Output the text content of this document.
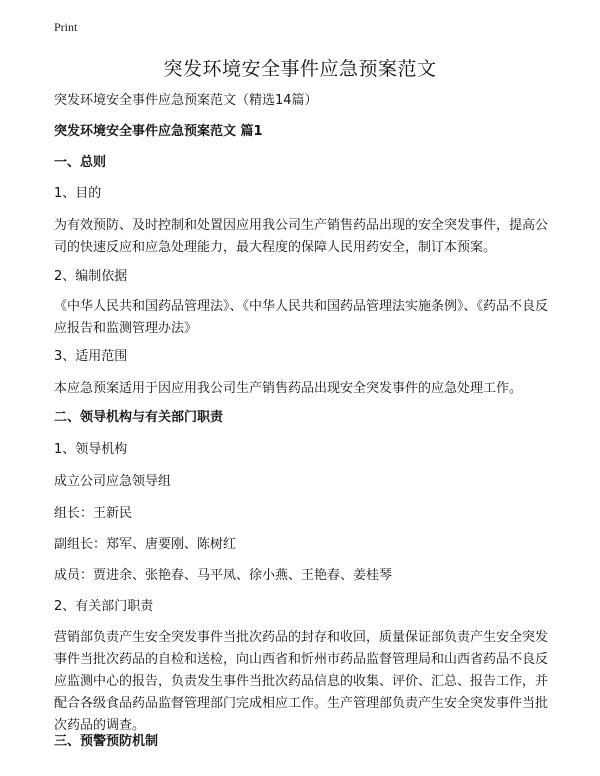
Print
突发环境安全事件应急预案范文

突发环境安全事件应急预案范文（精选14篇）

突发环境安全事件应急预案范文 篇1

一、总则

1、目的

为有效预防、及时控制和处置因应用我公司生产销售药品出现的安全突发事件，提高公司的快速反应和应急处理能力，最大程度的保障人民用药安全，制订本预案。

2、编制依据

《中华人民共和国药品管理法》、《中华人民共和国药品管理法实施条例》、《药品不良反应报告和监测管理办法》

3、适用范围

本应急预案适用于因应用我公司生产销售药品出现安全突发事件的应急处理工作。

二、领导机构与有关部门职责

1、领导机构

成立公司应急领导组

组长：王新民

副组长：郑军、唐要刚、陈树红

成员：贾进余、张艳春、马平凤、徐小燕、王艳春、姜桂琴

2、有关部门职责

营销部负责产生安全突发事件当批次药品的封存和收回，质量保证部负责产生安全突发事件当批次药品的自检和送检，向山西省和忻州市药品监督管理局和山西省药品不良反应监测中心的报告，负责发生事件当批次药品信息的收集、评价、汇总、报告工作，并配合各级食品药品监督管理部门完成相应工作。生产管理部负责产生安全突发事件当批次药品的调查。

三、预警预防机制
